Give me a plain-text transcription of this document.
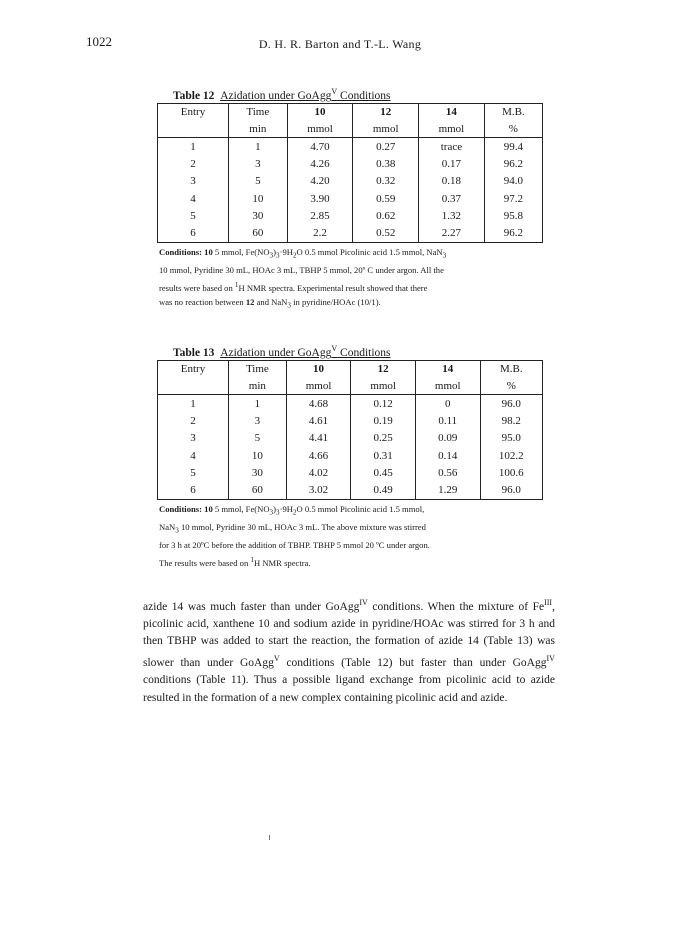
1022	D. H. R. Barton and T.-L. Wang
Table 12 Azidation under GoAgg$^V$ Conditions
Entry	Time	10	12	14	M.B.
	min	mmol	mmol	mmol	%
1	1	4.70	0.27	trace	99.4
2	3	4.26	0.38	0.17	96.2
3	5	4.20	0.32	0.18	94.0
4	10	3.90	0.59	0.37	97.2
5	30	2.85	0.62	1.32	95.8
6	60	2.2	0.52	2.27	96.2
Conditions: 10 5 mmol, $Fe(NO_3)_3\cdot 9H_2O$ 0.5 mmol Picolinic acid 1.5 mmol, NaN$_3$
10 mmol, Pyridine 30 mL, HOAc 3 mL, TBHP 5 mmol, 20º C under argon. All the
results were based on $^1$H NMR spectra. Experimental result showed that there
was no reaction between 12 and NaN$_3$ in pyridine/HOAc (10/1).
Table 13 Azidation under GoAgg$^V$ Conditions
Entry	Time	10	12	14	M.B.
	min	mmol	mmol	mmol	%
1	1	4.68	0.12	0	96.0
2	3	4.61	0.19	0.11	98.2
3	5	4.41	0.25	0.09	95.0
4	10	4.66	0.31	0.14	102.2
5	30	4.02	0.45	0.56	100.6
6	60	3.02	0.49	1.29	96.0
Conditions: 10 5 mmol, $Fe(NO_3)_3\cdot 9H_2O$ 0.5 mmol Picolinic acid 1.5 mmol,
NaN$_3$ 10 mmol, Pyridine 30 mL, HOAc 3 mL. The above mixture was stirred
for 3 h at 20ºC before the addition of TBHP. TBHP 5 mmol 20 ºC under argon.
The results were based on $^1$H NMR spectra.
azide 14 was much faster than under GoAgg$^{IV}$ conditions. When the mixture of $Fe^{III}$,
picolinic acid, xanthene 10 and sodium azide in pyridine/HOAc was stirred for 3 h and
then TBHP was added to start the reaction, the formation of azide 14 (Table 13) was
slower than under GoAgg$^V$ conditions (Table 12) but faster than under GoAgg$^{IV}$
conditions (Table 11). Thus a possible ligand exchange from picolinic acid to azide
resulted in the formation of a new complex containing picolinic acid and azide.
